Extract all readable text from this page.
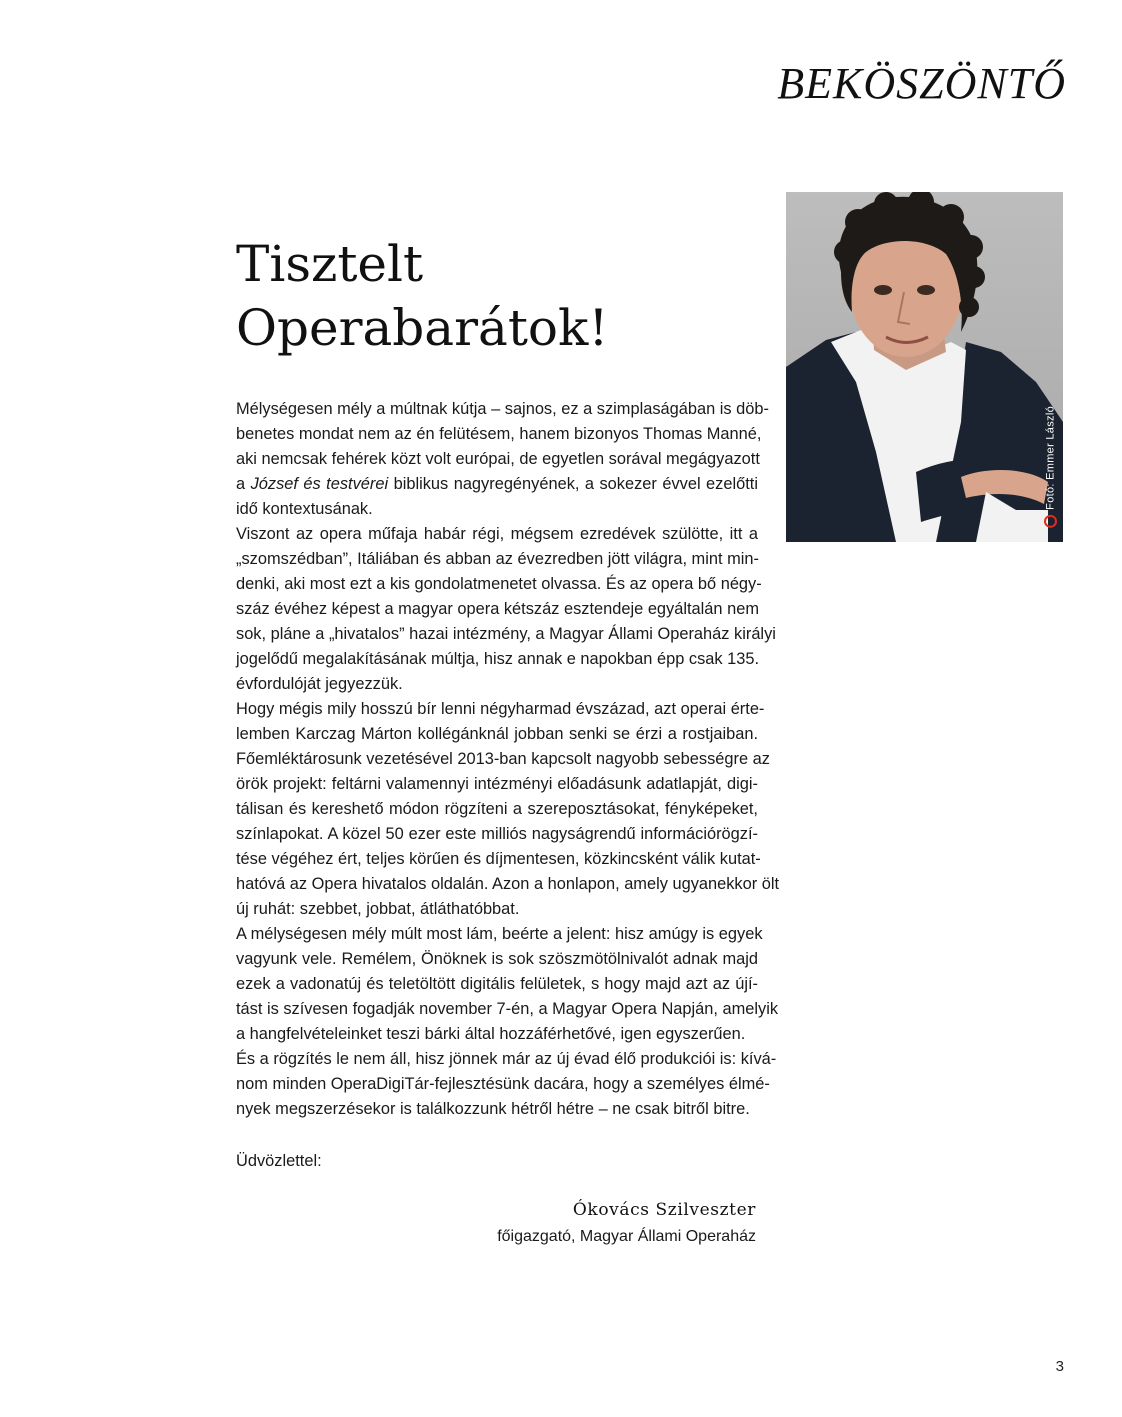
BEKÖSZÖNTŐ
Tisztelt
Operabarátok!
Mélységesen mély a múltnak kútja – sajnos, ez a szimplaságában is döb-
benetes mondat nem az én felütésem, hanem bizonyos Thomas Manné,
aki nemcsak fehérek közt volt európai, de egyetlen sorával megágyazott
a József és testvérei biblikus nagyregényének, a sokezer évvel ezelőtti
idő kontextusának.
Viszont az opera műfaja habár régi, mégsem ezredévek szülötte, itt a
„szomszédban”, Itáliában és abban az évezredben jött világra, mint min-
denki, aki most ezt a kis gondolatmenetet olvassa. És az opera bő négy-
száz évéhez képest a magyar opera kétszáz esztendeje egyáltalán nem
sok, pláne a „hivatalos” hazai intézmény, a Magyar Állami Operaház királyi
jogelődű megalakításának múltja, hisz annak e napokban épp csak 135.
évfordulóját jegyezzük.
Hogy mégis mily hosszú bír lenni négyharmad évszázad, azt operai érte-
lemben Karczag Márton kollégánknál jobban senki se érzi a rostjaiban.
Főemléktárosunk vezetésével 2013-ban kapcsolt nagyobb sebességre az
örök projekt: feltárni valamennyi intézményi előadásunk adatlapját, digi-
tálisan és kereshető módon rögzíteni a szereposztásokat, fényképeket,
színlapokat. A közel 50 ezer este milliós nagyságrendű információrögzí-
tése végéhez ért, teljes körűen és díjmentesen, közkincsként válik kutat-
hatóvá az Opera hivatalos oldalán. Azon a honlapon, amely ugyanekkor ölt
új ruhát: szebbet, jobbat, átláthatóbbat.
A mélységesen mély múlt most lám, beérte a jelent: hisz amúgy is egyek
vagyunk vele. Remélem, Önöknek is sok szöszmötölnivalót adnak majd
ezek a vadonatúj és teletöltött digitális felületek, s hogy majd azt az újí-
tást is szívesen fogadják november 7-én, a Magyar Opera Napján, amelyik
a hangfelvételeinket teszi bárki által hozzáférhetővé, igen egyszerűen.
És a rögzítés le nem áll, hisz jönnek már az új évad élő produkciói is: kívá-
nom minden OperaDigiTár-fejlesztésünk dacára, hogy a személyes élmé-
nyek megszerzésekor is találkozzunk hétről hétre – ne csak bitről bitre.
Üdvözlettel:
Ókovács Szilveszter
főigazgató, Magyar Állami Operaház
Fotó: Emmer László
3
